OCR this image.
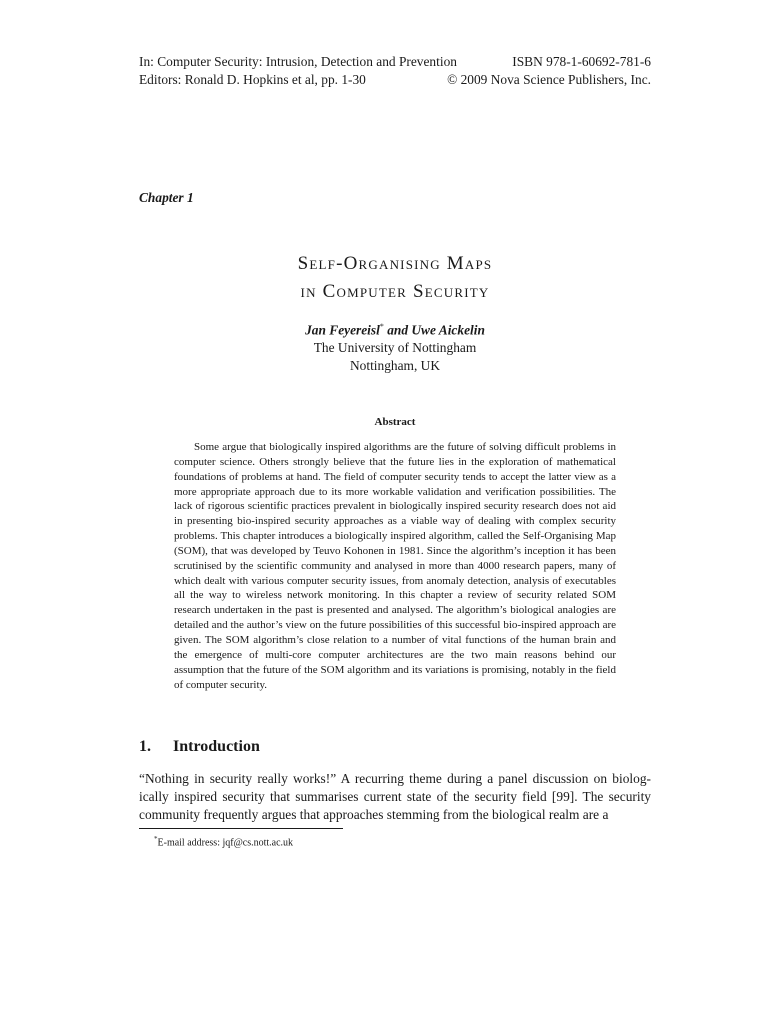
In: Computer Security: Intrusion, Detection and Prevention	ISBN 978-1-60692-781-6
Editors: Ronald D. Hopkins et al, pp. 1-30	© 2009 Nova Science Publishers, Inc.
Chapter 1
Self-Organising Maps
in Computer Security
Jan Feyereisl* and Uwe Aickelin
The University of Nottingham
Nottingham, UK
Abstract

Some argue that biologically inspired algorithms are the future of solving difficult problems in computer science. Others strongly believe that the future lies in the exploration of mathematical foundations of problems at hand. The field of computer security tends to accept the latter view as a more appropriate approach due to its more workable validation and verification possibilities. The lack of rigorous scientific practices prevalent in biologically inspired security research does not aid in presenting bio-inspired security approaches as a viable way of dealing with complex security problems. This chapter introduces a biologically inspired algorithm, called the Self-Organising Map (SOM), that was developed by Teuvo Kohonen in 1981. Since the algorithm’s inception it has been scrutinised by the scientific community and analysed in more than 4000 research papers, many of which dealt with various computer security issues, from anomaly detection, analysis of executables all the way to wireless network monitoring. In this chapter a review of security related SOM research undertaken in the past is presented and analysed. The algorithm’s biological analogies are detailed and the author’s view on the future possibilities of this successful bio-inspired approach are given. The SOM algorithm’s close relation to a number of vital functions of the human brain and the emergence of multi-core computer architectures are the two main reasons behind our assumption that the future of the SOM algorithm and its variations is promising, notably in the field of computer security.

1. Introduction

“Nothing in security really works!” A recurring theme during a panel discussion on biologically inspired security that summarises current state of the security field [99]. The security community frequently argues that approaches stemming from the biological realm are a

*E-mail address: jqf@cs.nott.ac.uk
